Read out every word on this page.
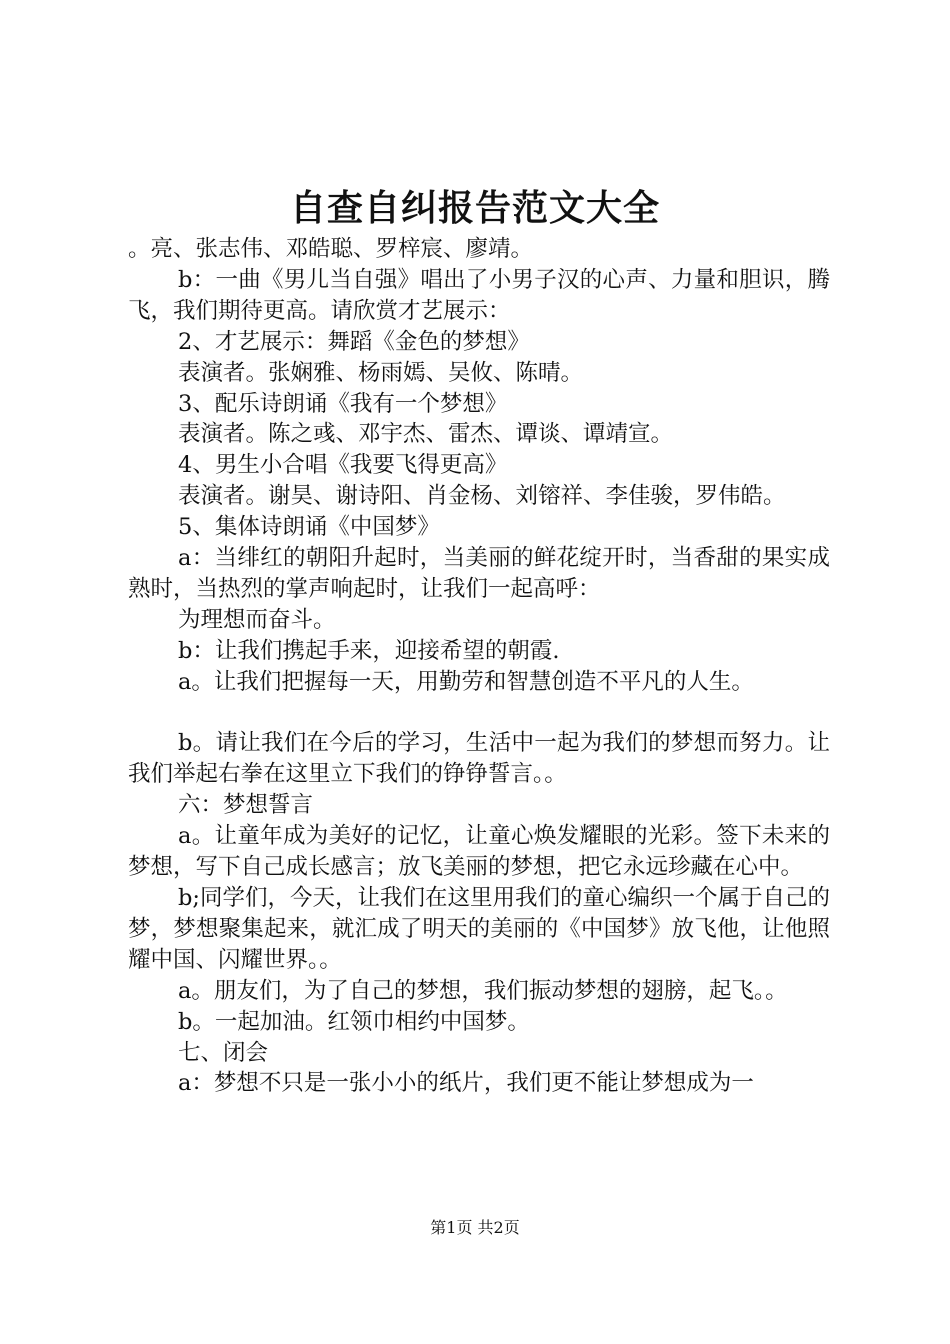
自查自纠报告范文大全

。亮、张志伟、邓皓聪、罗梓宸、廖靖。

b：一曲《男儿当自强》唱出了小男子汉的心声、力量和胆识，腾飞，我们期待更高。请欣赏才艺展示：

2、才艺展示：舞蹈《金色的梦想》

表演者。张娴雅、杨雨嫣、吴攸、陈晴。

3、配乐诗朗诵《我有一个梦想》

表演者。陈之彧、邓宇杰、雷杰、谭谈、谭靖宣。

4、男生小合唱《我要飞得更高》

表演者。谢昊、谢诗阳、肖金杨、刘镕祥、李佳骏，罗伟皓。

5、集体诗朗诵《中国梦》

a：当绯红的朝阳升起时，当美丽的鲜花绽开时，当香甜的果实成熟时，当热烈的掌声响起时，让我们一起高呼：

为理想而奋斗。

b：让我们携起手来，迎接希望的朝霞.

a。让我们把握每一天，用勤劳和智慧创造不平凡的人生。

b。请让我们在今后的学习，生活中一起为我们的梦想而努力。让我们举起右拳在这里立下我们的铮铮誓言。。

六：梦想誓言

a。让童年成为美好的记忆，让童心焕发耀眼的光彩。签下未来的梦想，写下自己成长感言；放飞美丽的梦想，把它永远珍藏在心中。

b;同学们，今天，让我们在这里用我们的童心编织一个属于自己的梦，梦想聚集起来，就汇成了明天的美丽的《中国梦》放飞他，让他照耀中国、闪耀世界。。

a。朋友们，为了自己的梦想，我们振动梦想的翅膀，起飞。。

b。一起加油。红领巾相约中国梦。

七、闭会

a：梦想不只是一张小小的纸片，我们更不能让梦想成为一

第1页 共2页
